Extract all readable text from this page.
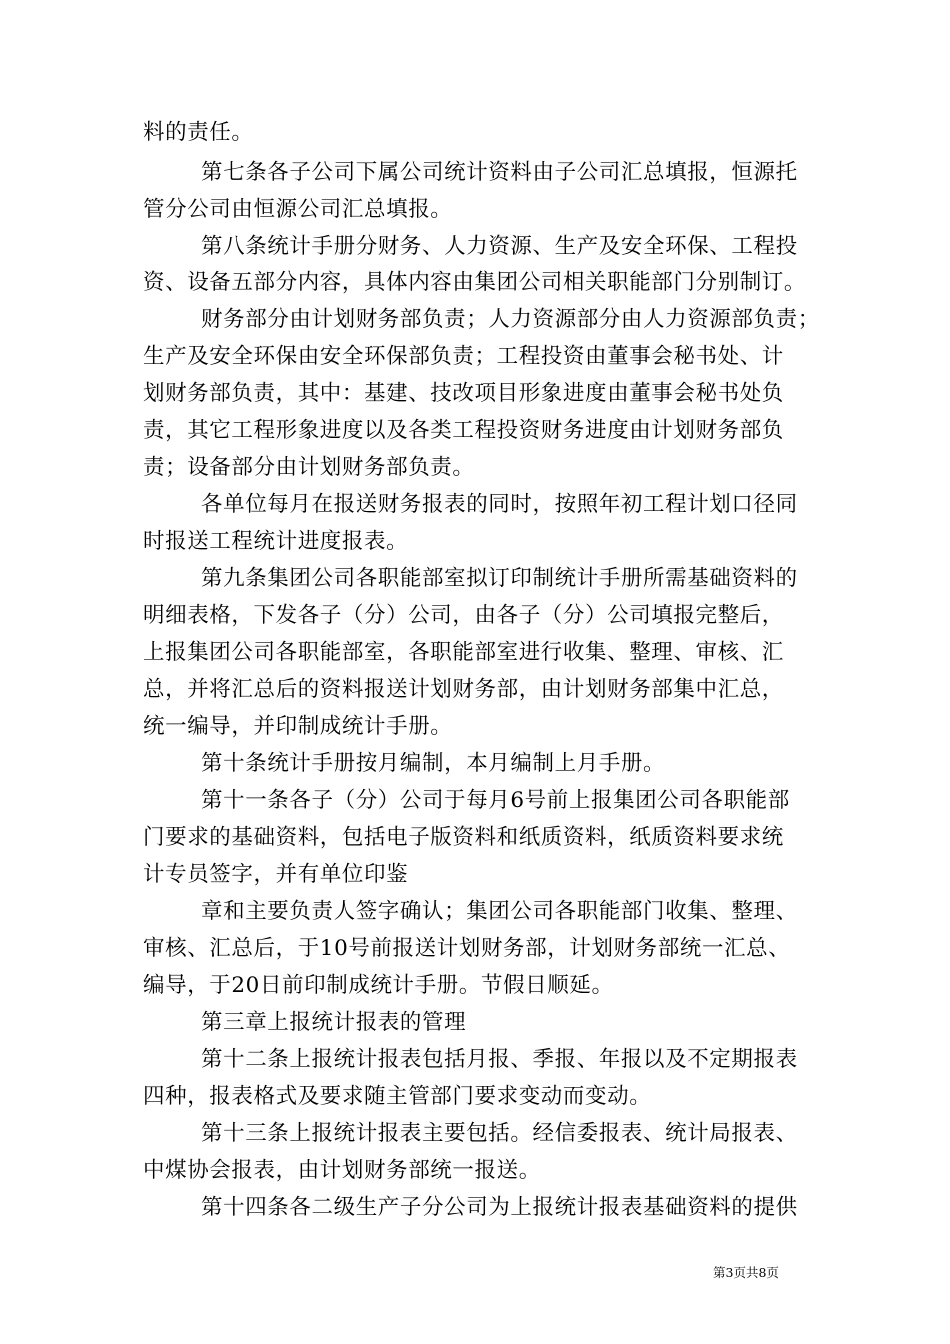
料的责任。
第七条各子公司下属公司统计资料由子公司汇总填报，恒源托
管分公司由恒源公司汇总填报。
第八条统计手册分财务、人力资源、生产及安全环保、工程投
资、设备五部分内容，具体内容由集团公司相关职能部门分别制订。
财务部分由计划财务部负责；人力资源部分由人力资源部负责；
生产及安全环保由安全环保部负责；工程投资由董事会秘书处、计
划财务部负责，其中：基建、技改项目形象进度由董事会秘书处负
责，其它工程形象进度以及各类工程投资财务进度由计划财务部负
责；设备部分由计划财务部负责。
各单位每月在报送财务报表的同时，按照年初工程计划口径同
时报送工程统计进度报表。
第九条集团公司各职能部室拟订印制统计手册所需基础资料的
明细表格，下发各子（分）公司，由各子（分）公司填报完整后，
上报集团公司各职能部室，各职能部室进行收集、整理、审核、汇
总，并将汇总后的资料报送计划财务部，由计划财务部集中汇总，
统一编导，并印制成统计手册。
第十条统计手册按月编制，本月编制上月手册。
第十一条各子（分）公司于每月6号前上报集团公司各职能部
门要求的基础资料，包括电子版资料和纸质资料，纸质资料要求统
计专员签字，并有单位印鉴
章和主要负责人签字确认；集团公司各职能部门收集、整理、
审核、汇总后，于10号前报送计划财务部，计划财务部统一汇总、
编导，于20日前印制成统计手册。节假日顺延。
第三章上报统计报表的管理
第十二条上报统计报表包括月报、季报、年报以及不定期报表
四种，报表格式及要求随主管部门要求变动而变动。
第十三条上报统计报表主要包括。经信委报表、统计局报表、
中煤协会报表，由计划财务部统一报送。
第十四条各二级生产子分公司为上报统计报表基础资料的提供
第3页共8页
